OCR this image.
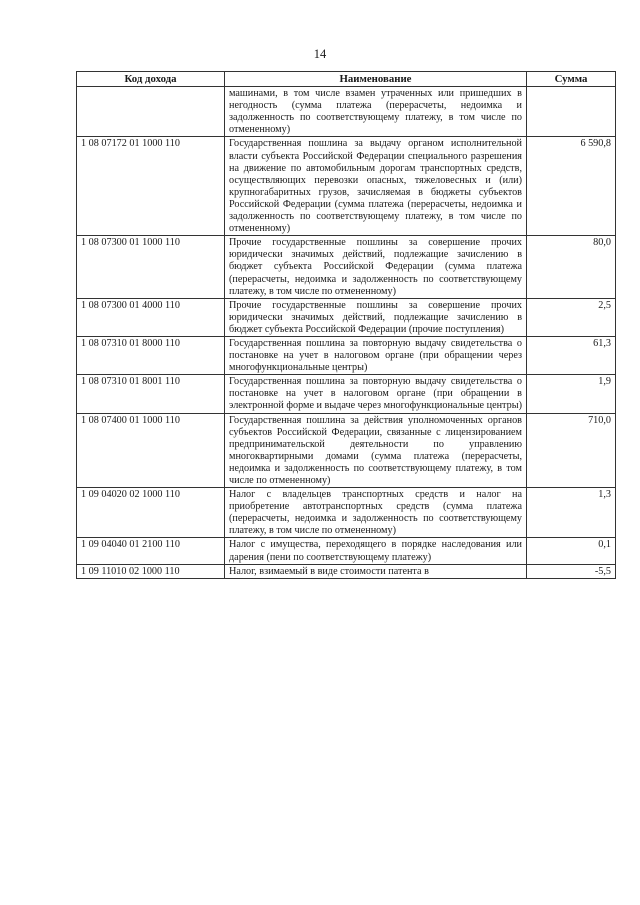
14
Код дохода	Наименование	Сумма
	машинами, в том числе взамен утраченных или пришедших в негодность (сумма платежа (перерасчеты, недоимка и задолженность по соответствующему платежу, в том числе по отмененному)	
1 08 07172 01 1000 110	Государственная пошлина за выдачу органом исполнительной власти субъекта Российской Федерации специального разрешения на движение по автомобильным дорогам транспортных средств, осуществляющих перевозки опасных, тяжеловесных и (или) крупногабаритных грузов, зачисляемая в бюджеты субъектов Российской Федерации (сумма платежа (перерасчеты, недоимка и задолженность по соответствующему платежу, в том числе по отмененному)	6 590,8
1 08 07300 01 1000 110	Прочие государственные пошлины за совершение прочих юридически значимых действий, подлежащие зачислению в бюджет субъекта Российской Федерации (сумма платежа (перерасчеты, недоимка и задолженность по соответствующему платежу, в том числе по отмененному)	80,0
1 08 07300 01 4000 110	Прочие государственные пошлины за совершение прочих юридически значимых действий, подлежащие зачислению в бюджет субъекта Российской Федерации (прочие поступления)	2,5
1 08 07310 01 8000 110	Государственная пошлина за повторную выдачу свидетельства о постановке на учет в налоговом органе (при обращении через многофункциональные центры)	61,3
1 08 07310 01 8001 110	Государственная пошлина за повторную выдачу свидетельства о постановке на учет в налоговом органе (при обращении в электронной форме и выдаче через многофункциональные центры)	1,9
1 08 07400 01 1000 110	Государственная пошлина за действия уполномоченных органов субъектов Российской Федерации, связанные с лицензированием предпринимательской деятельности по управлению многоквартирными домами (сумма платежа (перерасчеты, недоимка и задолженность по соответствующему платежу, в том числе по отмененному)	710,0
1 09 04020 02 1000 110	Налог с владельцев транспортных средств и налог на приобретение автотранспортных средств (сумма платежа (перерасчеты, недоимка и задолженность по соответствующему платежу, в том числе по отмененному)	1,3
1 09 04040 01 2100 110	Налог с имущества, переходящего в порядке наследования или дарения (пени по соответствующему платежу)	0,1
1 09 11010 02 1000 110	Налог, взимаемый в виде стоимости патента в	-5,5
